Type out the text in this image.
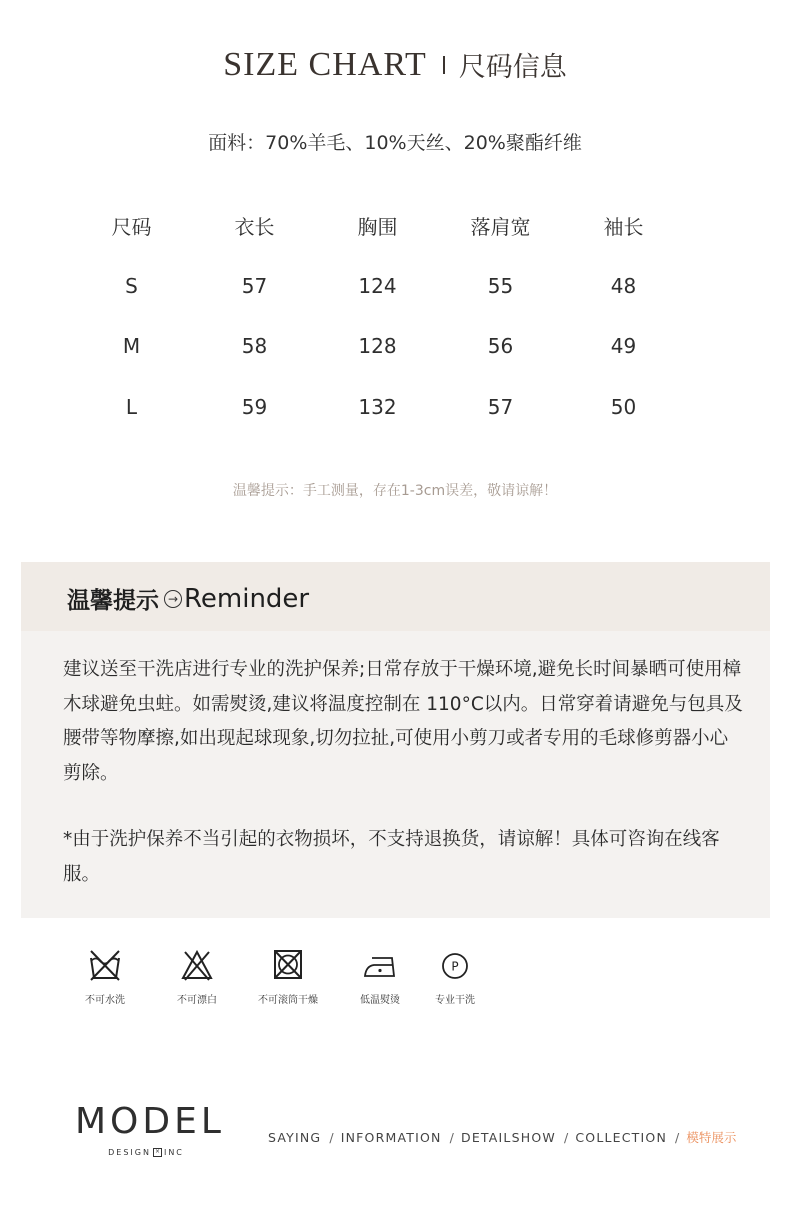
SIZE CHART 尺码信息
面料：70%羊毛、10%天丝、20%聚酯纤维
尺码	衣长	胸围	落肩宽	袖长
S	57	124	55	48
M	58	128	56	49
L	59	132	57	50
温馨提示：手工测量，存在1-3cm误差，敬请谅解！
温馨提示 → Reminder
建议送至干洗店进行专业的洗护保养;日常存放于干燥环境,避免长时间暴晒可使用樟木球避免虫蛀。如需熨烫,建议将温度控制在 110°C以内。日常穿着请避免与包具及腰带等物摩擦,如出现起球现象,切勿拉扯,可使用小剪刀或者专用的毛球修剪器小心剪除。
*由于洗护保养不当引起的衣物损坏，不支持退换货，请谅解！具体可咨询在线客服。
不可水洗	不可漂白	不可滚筒干燥	低温熨烫
P
专业干洗
MODEL
DESIGN × INC
SAYING / INFORMATION / DETAILSHOW / COLLECTION / 模特展示
